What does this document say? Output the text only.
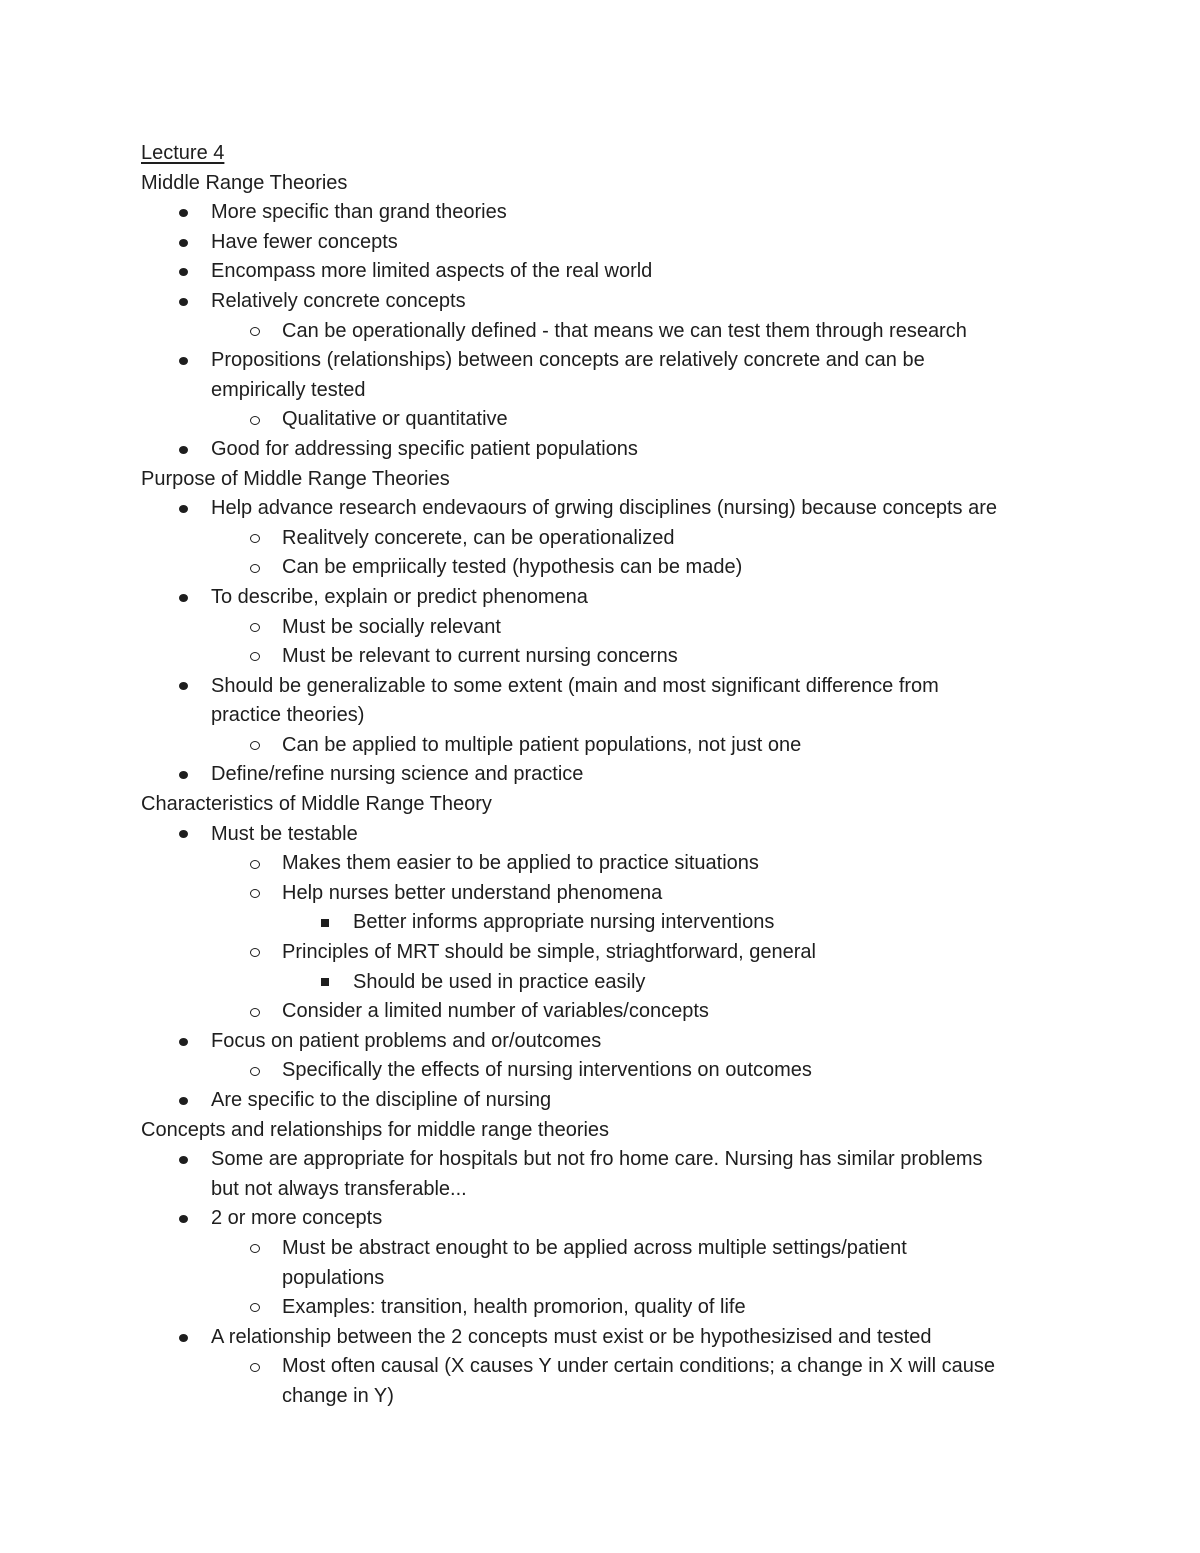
Lecture 4
Middle Range Theories
More specific than grand theories
Have fewer concepts
Encompass more limited aspects of the real world
Relatively concrete concepts
Can be operationally defined - that means we can test them through research
Propositions (relationships) between concepts are relatively concrete and can be
empirically tested
Qualitative or quantitative
Good for addressing specific patient populations
Purpose of Middle Range Theories
Help advance research endevaours of grwing disciplines (nursing) because concepts are
Realitvely concerete, can be operationalized
Can be empriically tested (hypothesis can be made)
To describe, explain or predict phenomena
Must be socially relevant
Must be relevant to current nursing concerns
Should be generalizable to some extent (main and most significant difference from
practice theories)
Can be applied to multiple patient populations, not just one
Define/refine nursing science and practice
Characteristics of Middle Range Theory
Must be testable
Makes them easier to be applied to practice situations
Help nurses better understand phenomena
Better informs appropriate nursing interventions
Principles of MRT should be simple, striaghtforward, general
Should be used in practice easily
Consider a limited number of variables/concepts
Focus on patient problems and or/outcomes
Specifically the effects of nursing interventions on outcomes
Are specific to the discipline of nursing
Concepts and relationships for middle range theories
Some are appropriate for hospitals but not fro home care. Nursing has similar problems
but not always transferable...
2 or more concepts
Must be abstract enought to be applied across multiple settings/patient
populations
Examples: transition, health promorion, quality of life
A relationship between the 2 concepts must exist or be hypothesizised and tested
Most often causal (X causes Y under certain conditions; a change in X will cause
change in Y)
